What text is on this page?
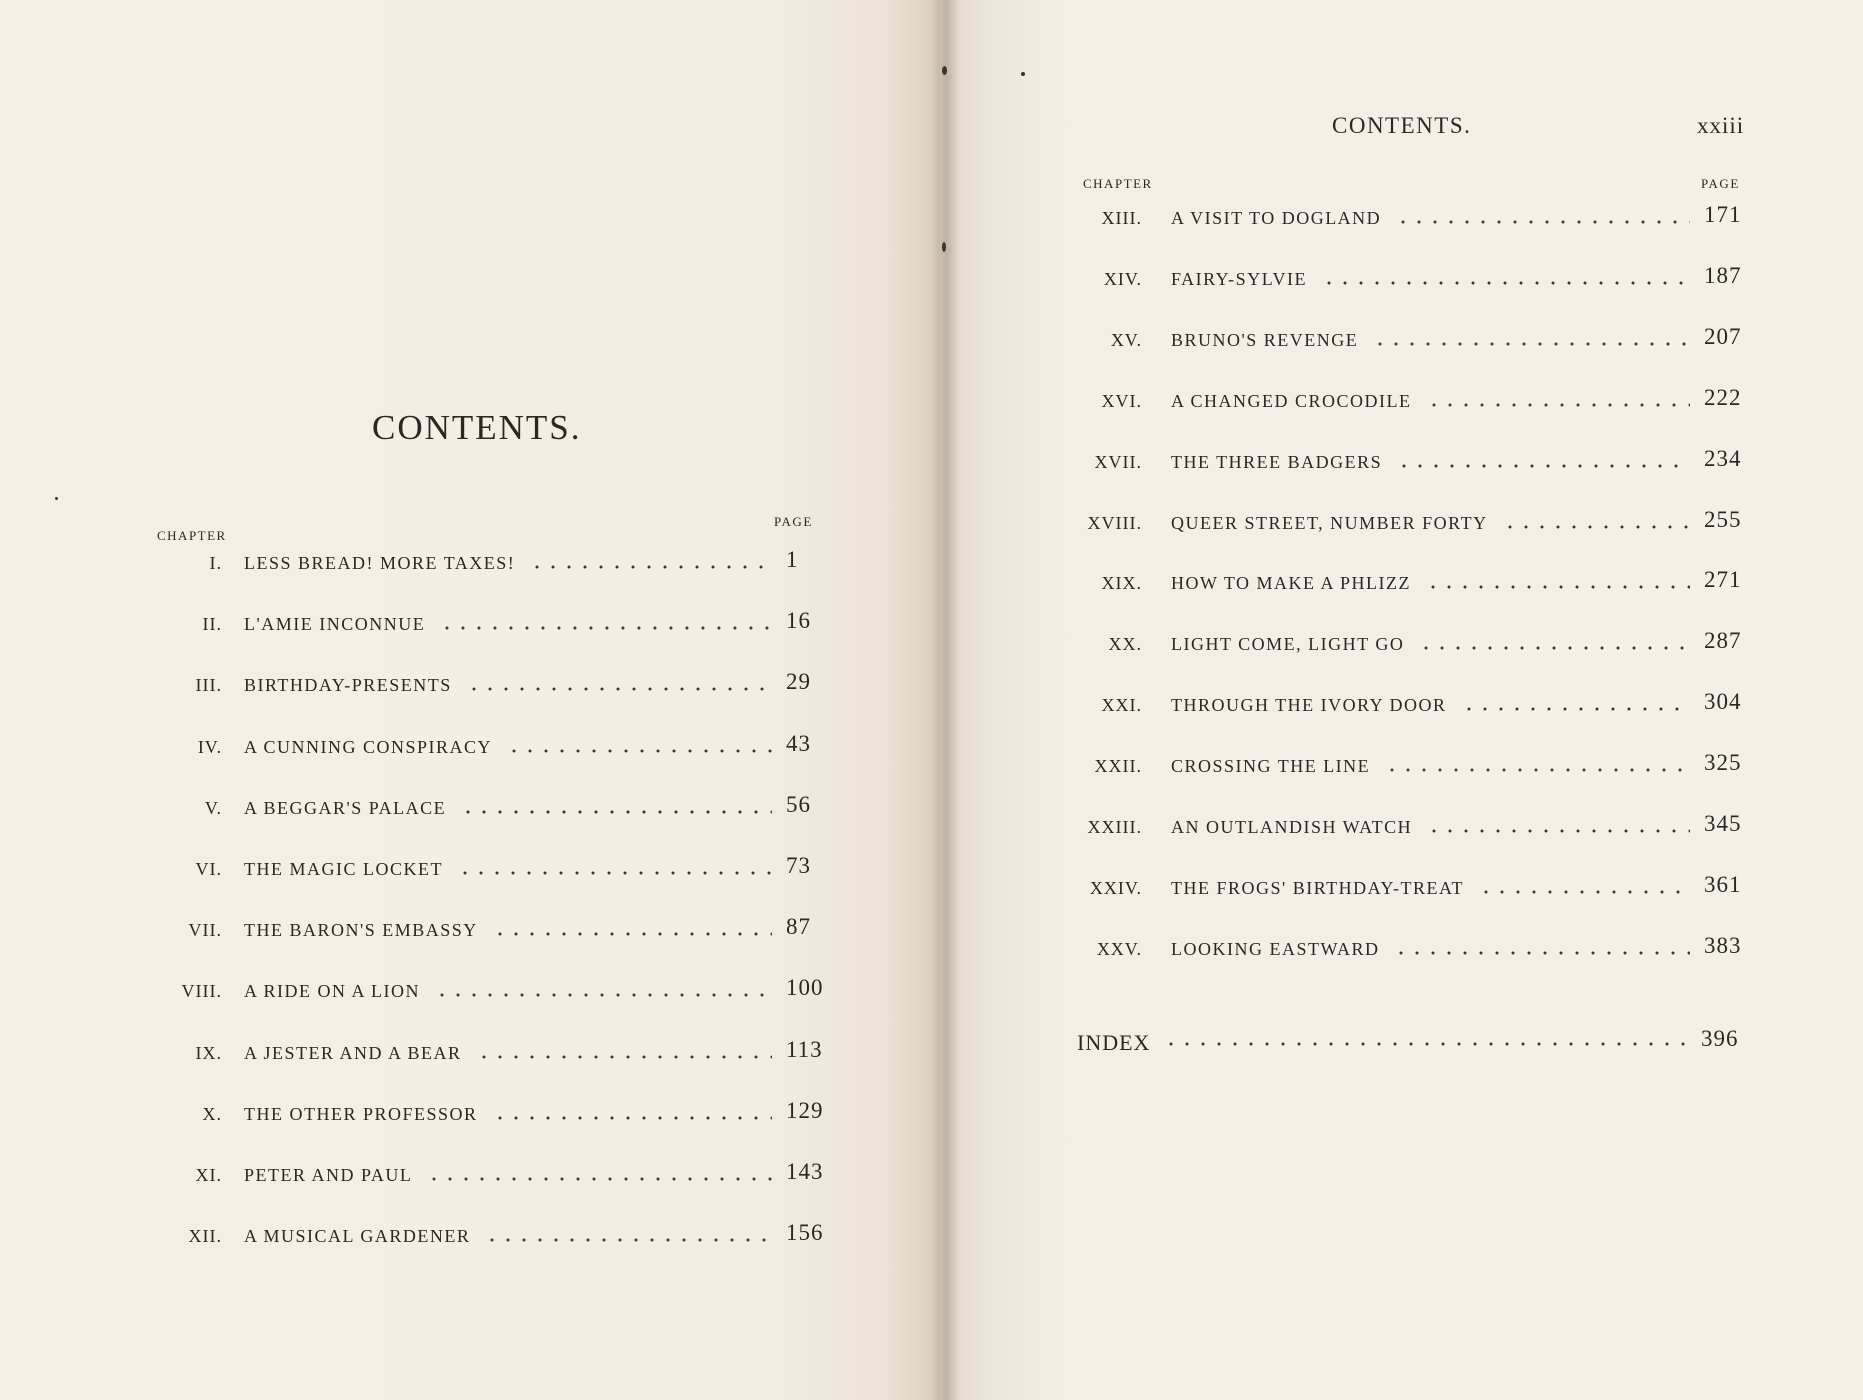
CONTENTS.
CHAPTER
PAGE
I. LESS BREAD! MORE TAXES!	1
II. L'AMIE INCONNUE	16
III. BIRTHDAY-PRESENTS	29
IV. A CUNNING CONSPIRACY	43
V. A BEGGAR'S PALACE	56
VI. THE MAGIC LOCKET	73
VII. THE BARON'S EMBASSY	87
VIII. A RIDE ON A LION	100
IX. A JESTER AND A BEAR	113
X. THE OTHER PROFESSOR	129
XI. PETER AND PAUL	143
XII. A MUSICAL GARDENER	156
CONTENTS.	xxiii
CHAPTER	PAGE
XIII. A VISIT TO DOGLAND	171
XIV. FAIRY-SYLVIE	187
XV. BRUNO'S REVENGE	207
XVI. A CHANGED CROCODILE	222
XVII. THE THREE BADGERS	234
XVIII. QUEER STREET, NUMBER FORTY	255
XIX. HOW TO MAKE A PHLIZZ	271
XX. LIGHT COME, LIGHT GO	287
XXI. THROUGH THE IVORY DOOR	304
XXII. CROSSING THE LINE	325
XXIII. AN OUTLANDISH WATCH	345
XXIV. THE FROGS' BIRTHDAY-TREAT	361
XXV. LOOKING EASTWARD	383
INDEX	396
